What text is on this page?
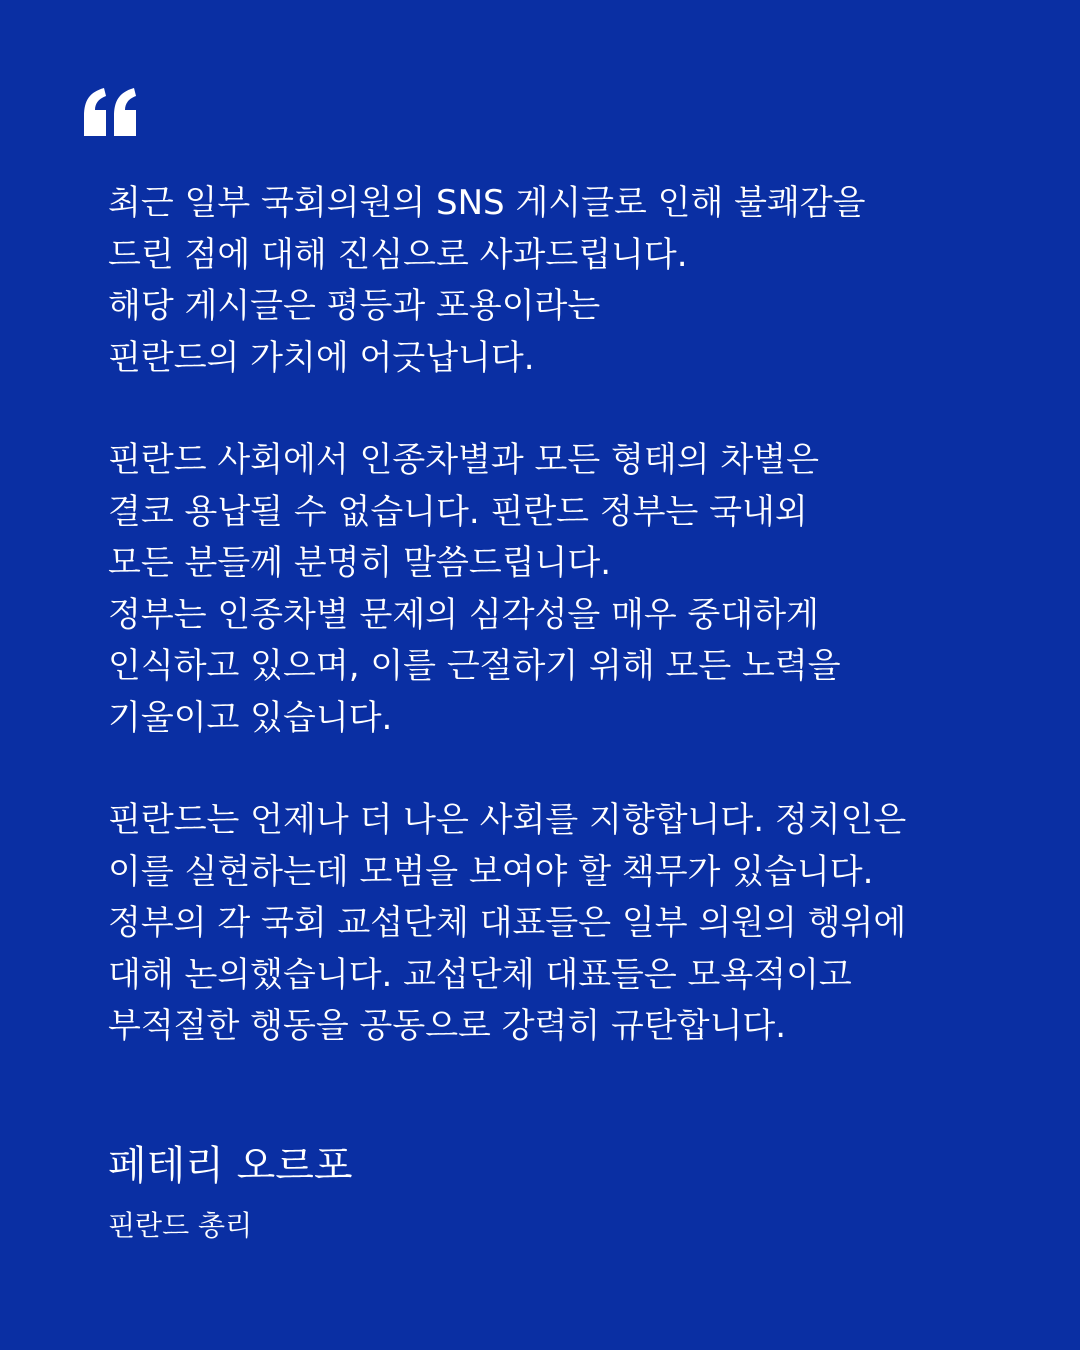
최근 일부 국회의원의 SNS 게시글로 인해 불쾌감을
드린 점에 대해 진심으로 사과드립니다.
해당 게시글은 평등과 포용이라는
핀란드의 가치에 어긋납니다.

핀란드 사회에서 인종차별과 모든 형태의 차별은
결코 용납될 수 없습니다. 핀란드 정부는 국내외
모든 분들께 분명히 말씀드립니다.
정부는 인종차별 문제의 심각성을 매우 중대하게
인식하고 있으며, 이를 근절하기 위해 모든 노력을
기울이고 있습니다.

핀란드는 언제나 더 나은 사회를 지향합니다. 정치인은
이를 실현하는데 모범을 보여야 할 책무가 있습니다.
정부의 각 국회 교섭단체 대표들은 일부 의원의 행위에
대해 논의했습니다. 교섭단체 대표들은 모욕적이고
부적절한 행동을 공동으로 강력히 규탄합니다.

페테리 오르포
핀란드 총리
